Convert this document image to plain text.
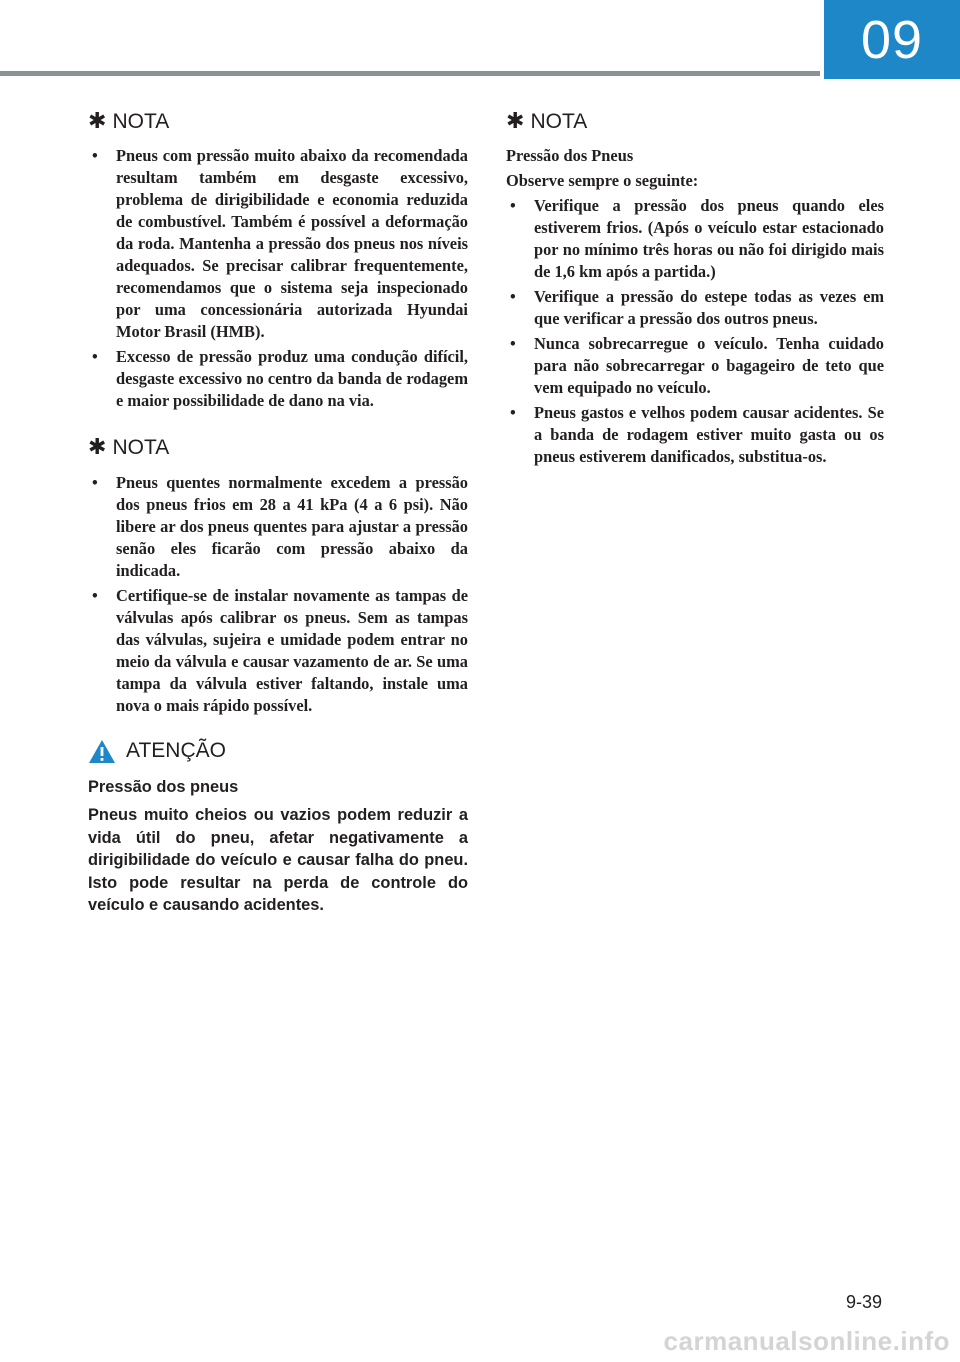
09
✱ NOTA
• Pneus com pressão muito abaixo da recomendada resultam também em desgaste excessivo, problema de dirigibilidade e economia reduzida de combustível. Também é possível a deformação da roda. Mantenha a pressão dos pneus nos níveis adequados. Se precisar calibrar frequentemente, recomendamos que o sistema seja inspecionado por uma concessionária autorizada Hyundai Motor Brasil (HMB).
• Excesso de pressão produz uma condução difícil, desgaste excessivo no centro da banda de rodagem e maior possibilidade de dano na via.
✱ NOTA
• Pneus quentes normalmente excedem a pressão dos pneus frios em 28 a 41 kPa (4 a 6 psi). Não libere ar dos pneus quentes para ajustar a pressão senão eles ficarão com pressão abaixo da indicada.
• Certifique-se de instalar novamente as tampas de válvulas após calibrar os pneus. Sem as tampas das válvulas, sujeira e umidade podem entrar no meio da válvula e causar vazamento de ar. Se uma tampa da válvula estiver faltando, instale uma nova o mais rápido possível.
ATENÇÃO

Pressão dos pneus

Pneus muito cheios ou vazios podem reduzir a vida útil do pneu, afetar negativamente a dirigibilidade do veículo e causar falha do pneu. Isto pode resultar na perda de controle do veículo e causando acidentes.

✱ NOTA

Pressão dos Pneus

Observe sempre o seguinte:

• Verifique a pressão dos pneus quando eles estiverem frios. (Após o veículo estar estacionado por no mínimo três horas ou não foi dirigido mais de 1,6 km após a partida.)
• Verifique a pressão do estepe todas as vezes em que verificar a pressão dos outros pneus.
• Nunca sobrecarregue o veículo. Tenha cuidado para não sobrecarregar o bagageiro de teto que vem equipado no veículo.
• Pneus gastos e velhos podem causar acidentes. Se a banda de rodagem estiver muito gasta ou os pneus estiverem danificados, substitua-os.
9-39
carmanualsonline.info
